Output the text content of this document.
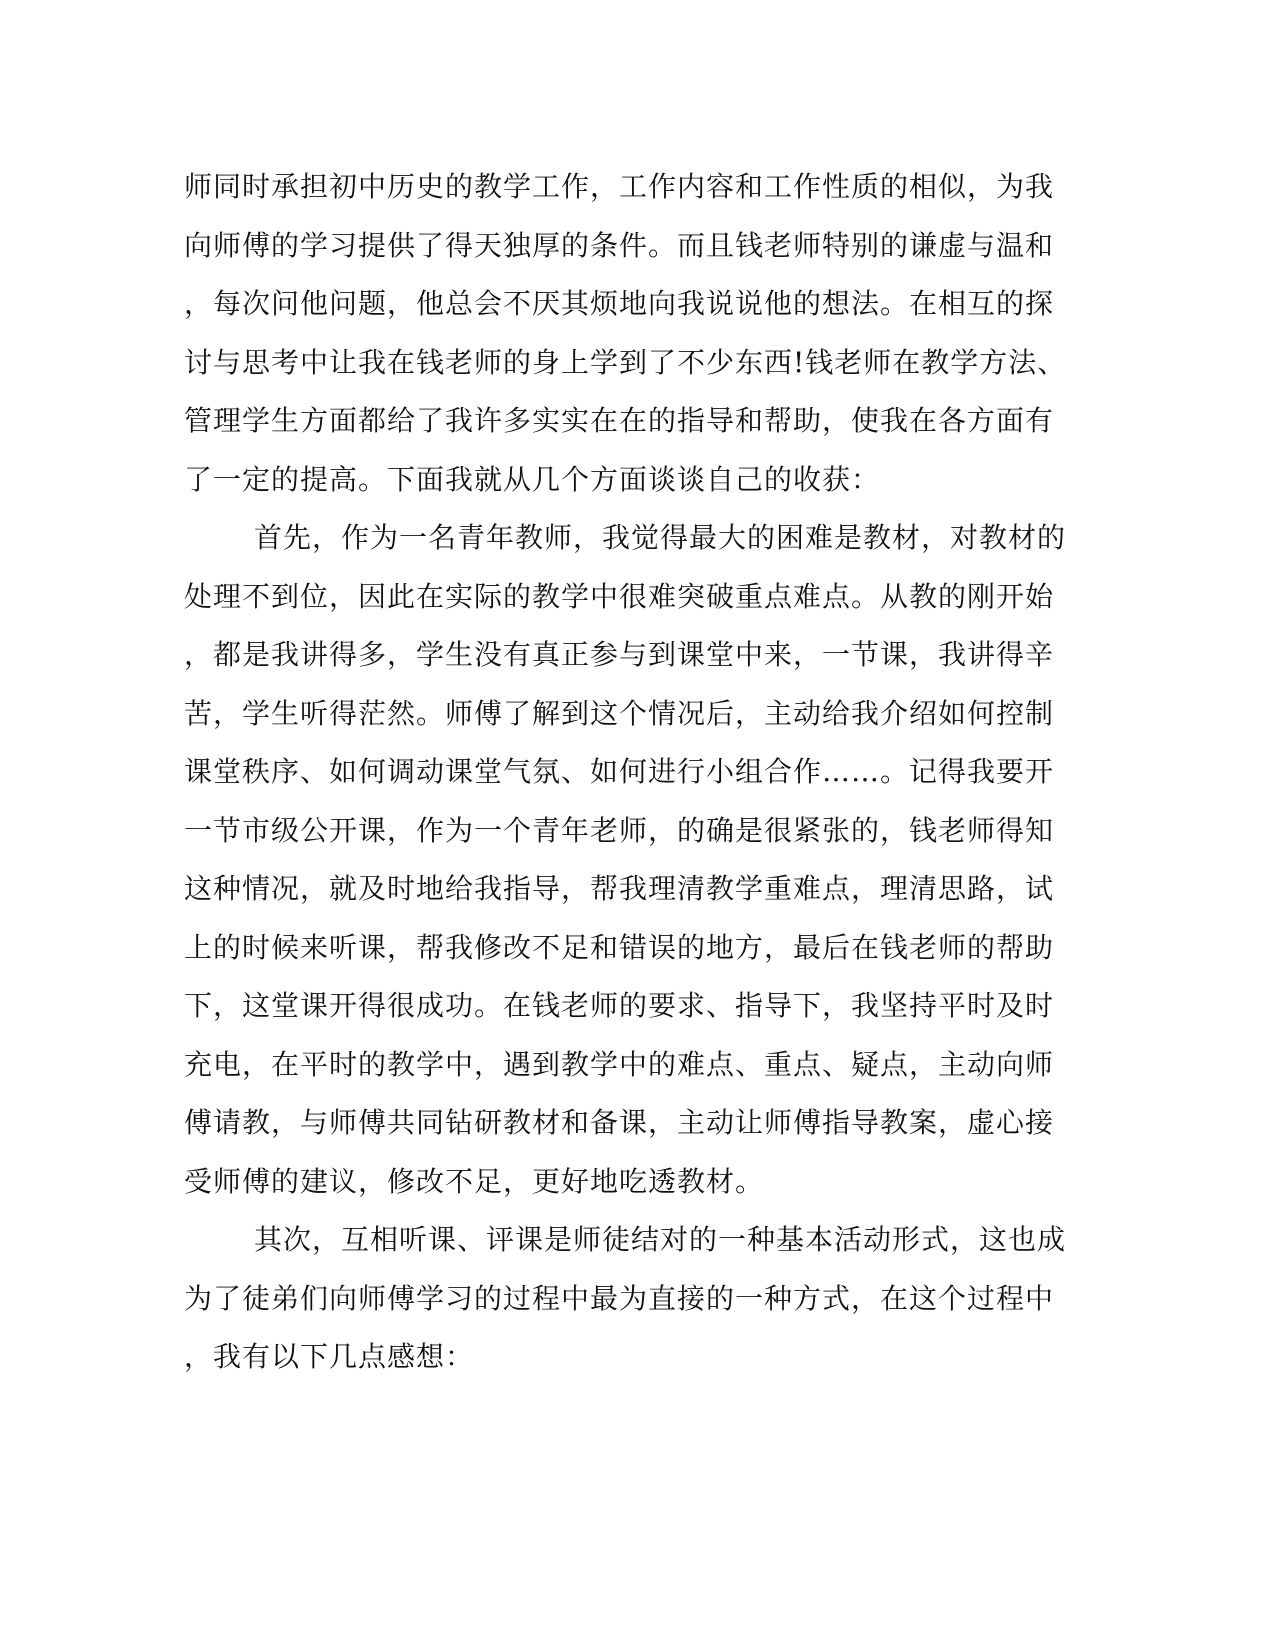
师同时承担初中历史的教学工作，工作内容和工作性质的相似，为我
向师傅的学习提供了得天独厚的条件。而且钱老师特别的谦虚与温和
，每次问他问题，他总会不厌其烦地向我说说他的想法。在相互的探
讨与思考中让我在钱老师的身上学到了不少东西!钱老师在教学方法、
管理学生方面都给了我许多实实在在的指导和帮助，使我在各方面有
了一定的提高。下面我就从几个方面谈谈自己的收获：
首先，作为一名青年教师，我觉得最大的困难是教材，对教材的
处理不到位，因此在实际的教学中很难突破重点难点。从教的刚开始
，都是我讲得多，学生没有真正参与到课堂中来，一节课，我讲得辛
苦，学生听得茫然。师傅了解到这个情况后，主动给我介绍如何控制
课堂秩序、如何调动课堂气氛、如何进行小组合作……。记得我要开
一节市级公开课，作为一个青年老师，的确是很紧张的，钱老师得知
这种情况，就及时地给我指导，帮我理清教学重难点，理清思路，试
上的时候来听课，帮我修改不足和错误的地方，最后在钱老师的帮助
下，这堂课开得很成功。在钱老师的要求、指导下，我坚持平时及时
充电，在平时的教学中，遇到教学中的难点、重点、疑点，主动向师
傅请教，与师傅共同钻研教材和备课，主动让师傅指导教案，虚心接
受师傅的建议，修改不足，更好地吃透教材。
其次，互相听课、评课是师徒结对的一种基本活动形式，这也成
为了徒弟们向师傅学习的过程中最为直接的一种方式，在这个过程中
，我有以下几点感想：
